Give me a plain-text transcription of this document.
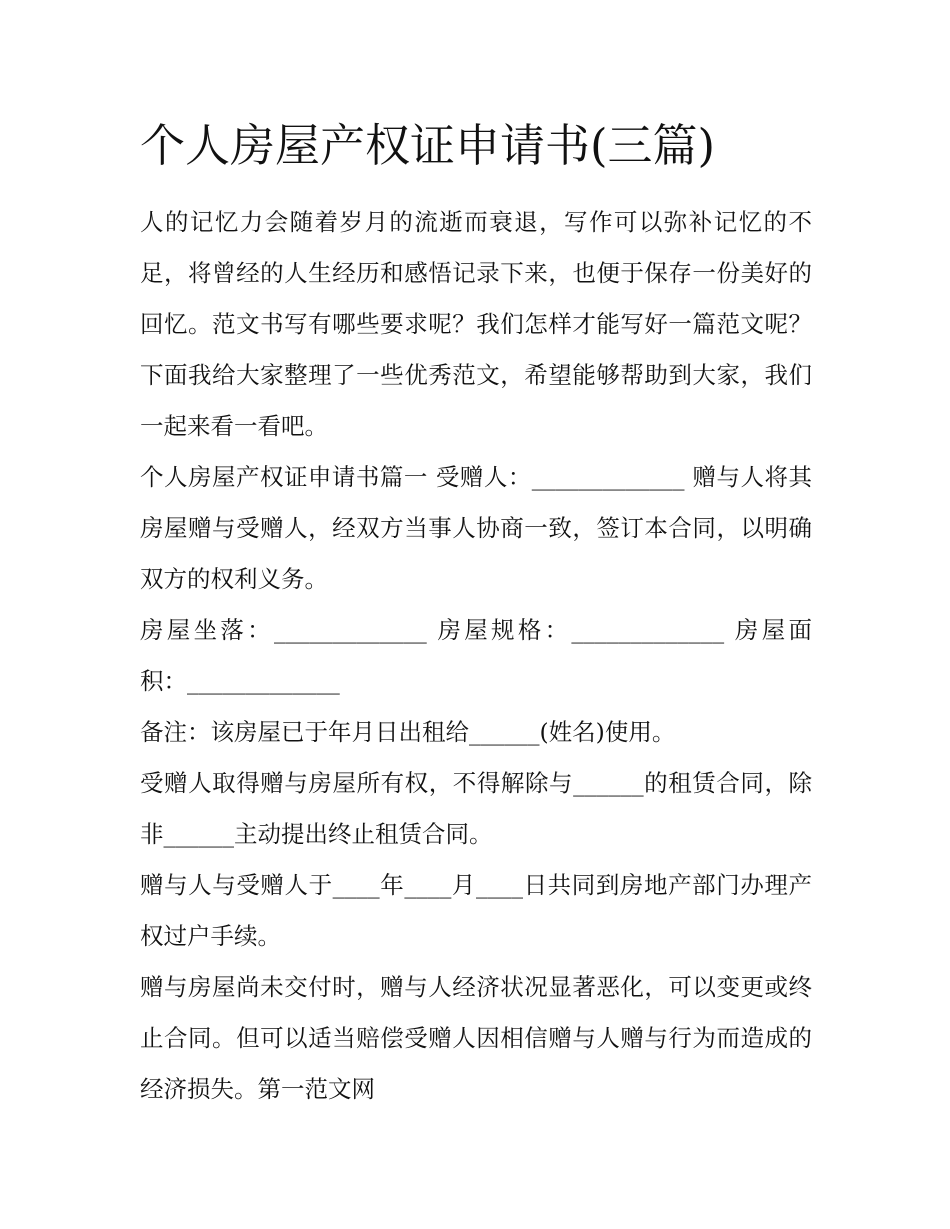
个人房屋产权证申请书(三篇)

人的记忆力会随着岁月的流逝而衰退，写作可以弥补记忆的不足，将曾经的人生经历和感悟记录下来，也便于保存一份美好的回忆。范文书写有哪些要求呢？我们怎样才能写好一篇范文呢？下面我给大家整理了一些优秀范文，希望能够帮助到大家，我们一起来看一看吧。

个人房屋产权证申请书篇一 受赠人：_____________ 赠与人将其房屋赠与受赠人，经双方当事人协商一致，签订本合同，以明确双方的权利义务。

房屋坐落：_____________ 房屋规格：_____________ 房屋面积：_____________

备注：该房屋已于年月日出租给______(姓名)使用。

受赠人取得赠与房屋所有权，不得解除与______的租赁合同，除非______主动提出终止租赁合同。

赠与人与受赠人于____年____月____日共同到房地产部门办理产权过户手续。

赠与房屋尚未交付时，赠与人经济状况显著恶化，可以变更或终止合同。但可以适当赔偿受赠人因相信赠与人赠与行为而造成的经济损失。第一范文网
